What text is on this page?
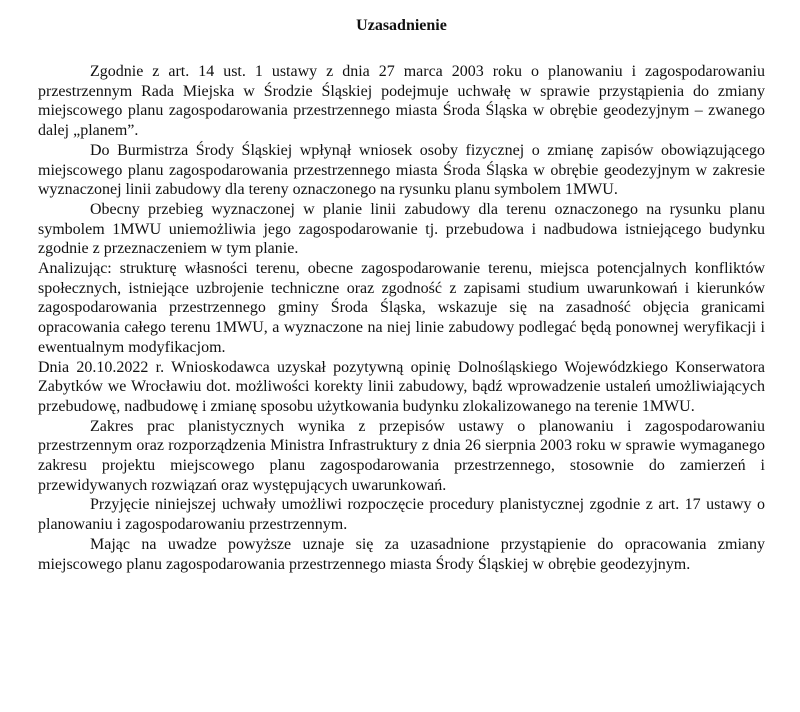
Uzasadnienie

Zgodnie z art. 14 ust. 1 ustawy z dnia 27 marca 2003 roku o planowaniu i zagospodarowaniu przestrzennym Rada Miejska w Środzie Śląskiej podejmuje uchwałę w sprawie przystąpienia do zmiany miejscowego planu zagospodarowania przestrzennego miasta Środa Śląska w obrębie geodezyjnym – zwanego dalej „planem”.

Do Burmistrza Środy Śląskiej wpłynął wniosek osoby fizycznej o zmianę zapisów obowiązującego miejscowego planu zagospodarowania przestrzennego miasta Środa Śląska w obrębie geodezyjnym w zakresie wyznaczonej linii zabudowy dla tereny oznaczonego na rysunku planu symbolem 1MWU.

Obecny przebieg wyznaczonej w planie linii zabudowy dla terenu oznaczonego na rysunku planu symbolem 1MWU uniemożliwia jego zagospodarowanie tj. przebudowa i nadbudowa istniejącego budynku zgodnie z przeznaczeniem w tym planie.

Analizując: strukturę własności terenu, obecne zagospodarowanie terenu, miejsca potencjalnych konfliktów społecznych, istniejące uzbrojenie techniczne oraz zgodność z zapisami studium uwarunkowań i kierunków zagospodarowania przestrzennego gminy Środa Śląska, wskazuje się na zasadność objęcia granicami opracowania całego terenu 1MWU, a wyznaczone na niej linie zabudowy podlegać będą ponownej weryfikacji i ewentualnym modyfikacjom.

Dnia 20.10.2022 r. Wnioskodawca uzyskał pozytywną opinię Dolnośląskiego Wojewódzkiego Konserwatora Zabytków we Wrocławiu dot. możliwości korekty linii zabudowy, bądź wprowadzenie ustaleń umożliwiających przebudowę, nadbudowę i zmianę sposobu użytkowania budynku zlokalizowanego na terenie 1MWU.

Zakres prac planistycznych wynika z przepisów ustawy o planowaniu i zagospodarowaniu przestrzennym oraz rozporządzenia Ministra Infrastruktury z dnia 26 sierpnia 2003 roku w sprawie wymaganego zakresu projektu miejscowego planu zagospodarowania przestrzennego, stosownie do zamierzeń i przewidywanych rozwiązań oraz występujących uwarunkowań.

Przyjęcie niniejszej uchwały umożliwi rozpoczęcie procedury planistycznej zgodnie z art. 17 ustawy o planowaniu i zagospodarowaniu przestrzennym.

Mając na uwadze powyższe uznaje się za uzasadnione przystąpienie do opracowania zmiany miejscowego planu zagospodarowania przestrzennego miasta Środy Śląskiej w obrębie geodezyjnym.
